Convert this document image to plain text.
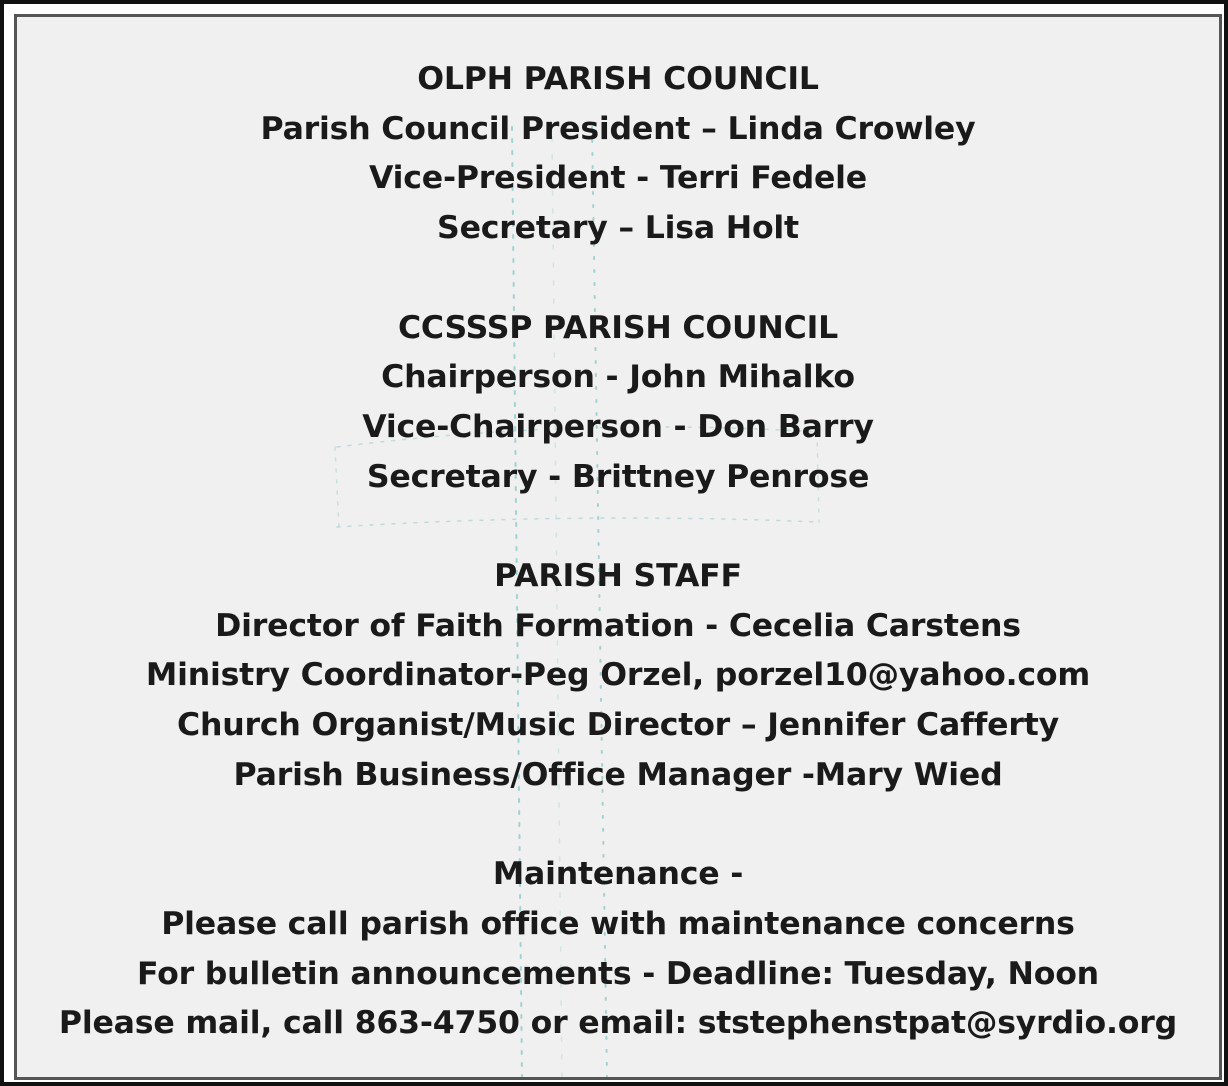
OLPH PARISH COUNCIL
Parish Council President – Linda Crowley
Vice-President - Terri Fedele
Secretary – Lisa Holt
CCSSSP PARISH COUNCIL
Chairperson - John Mihalko
Vice-Chairperson - Don Barry
Secretary - Brittney Penrose
PARISH STAFF
Director of Faith Formation - Cecelia Carstens
Ministry Coordinator-Peg Orzel, porzel10@yahoo.com
Church Organist/Music Director – Jennifer Cafferty
Parish Business/Office Manager -Mary Wied
Maintenance -
Please call parish office with maintenance concerns
For bulletin announcements - Deadline: Tuesday, Noon
Please mail, call 863-4750 or email: ststephenstpat@syrdio.org
